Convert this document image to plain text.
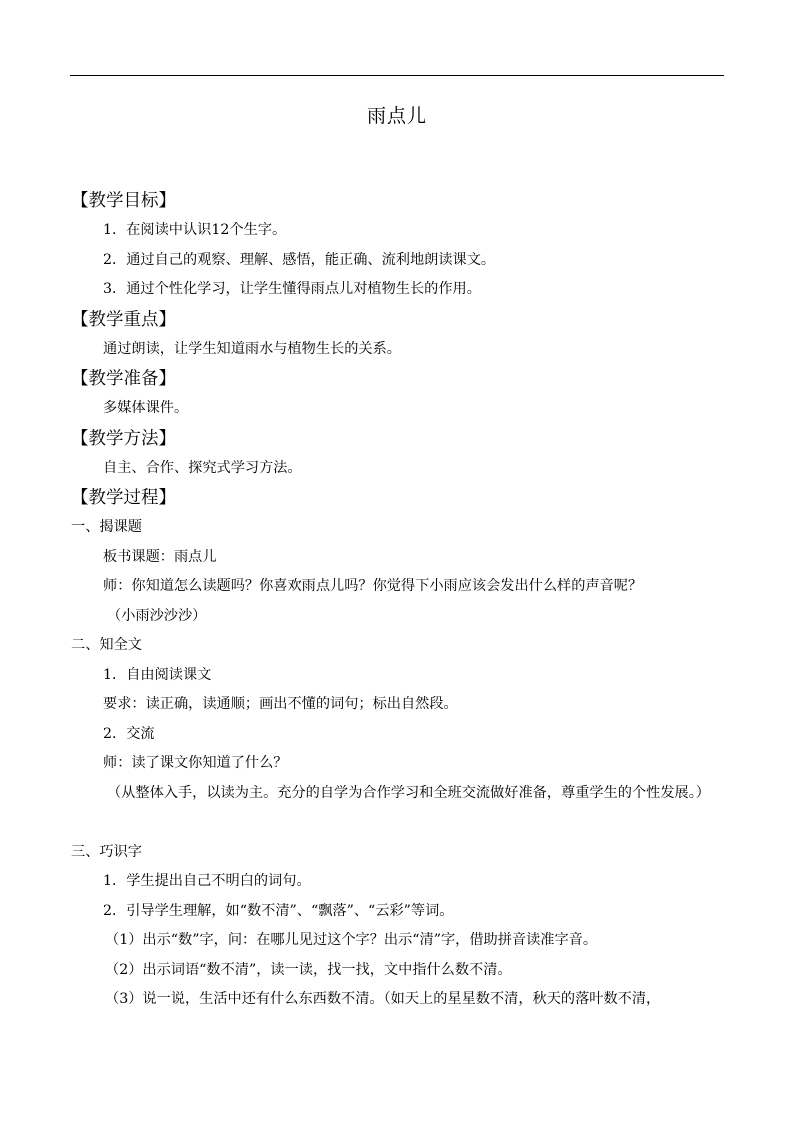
雨点儿
【教学目标】
1．在阅读中认识12个生字。
2．通过自己的观察、理解、感悟，能正确、流利地朗读课文。
3．通过个性化学习，让学生懂得雨点儿对植物生长的作用。
【教学重点】
通过朗读，让学生知道雨水与植物生长的关系。
【教学准备】
多媒体课件。
【教学方法】
自主、合作、探究式学习方法。
【教学过程】
一、揭课题
板书课题：雨点儿
师：你知道怎么读题吗？你喜欢雨点儿吗？你觉得下小雨应该会发出什么样的声音呢？
（小雨沙沙沙）
二、知全文
1．自由阅读课文
要求：读正确，读通顺；画出不懂的词句；标出自然段。
2．交流
师：读了课文你知道了什么？
（从整体入手，以读为主。充分的自学为合作学习和全班交流做好准备，尊重学生的个性发展。）
三、巧识字
1．学生提出自己不明白的词句。
2．引导学生理解，如“数不清”、“飘落”、“云彩”等词。
（1）出示“数”字，问：在哪儿见过这个字？出示“清”字，借助拼音读准字音。
（2）出示词语“数不清”，读一读，找一找，文中指什么数不清。
（3）说一说，生活中还有什么东西数不清。（如天上的星星数不清，秋天的落叶数不清，
